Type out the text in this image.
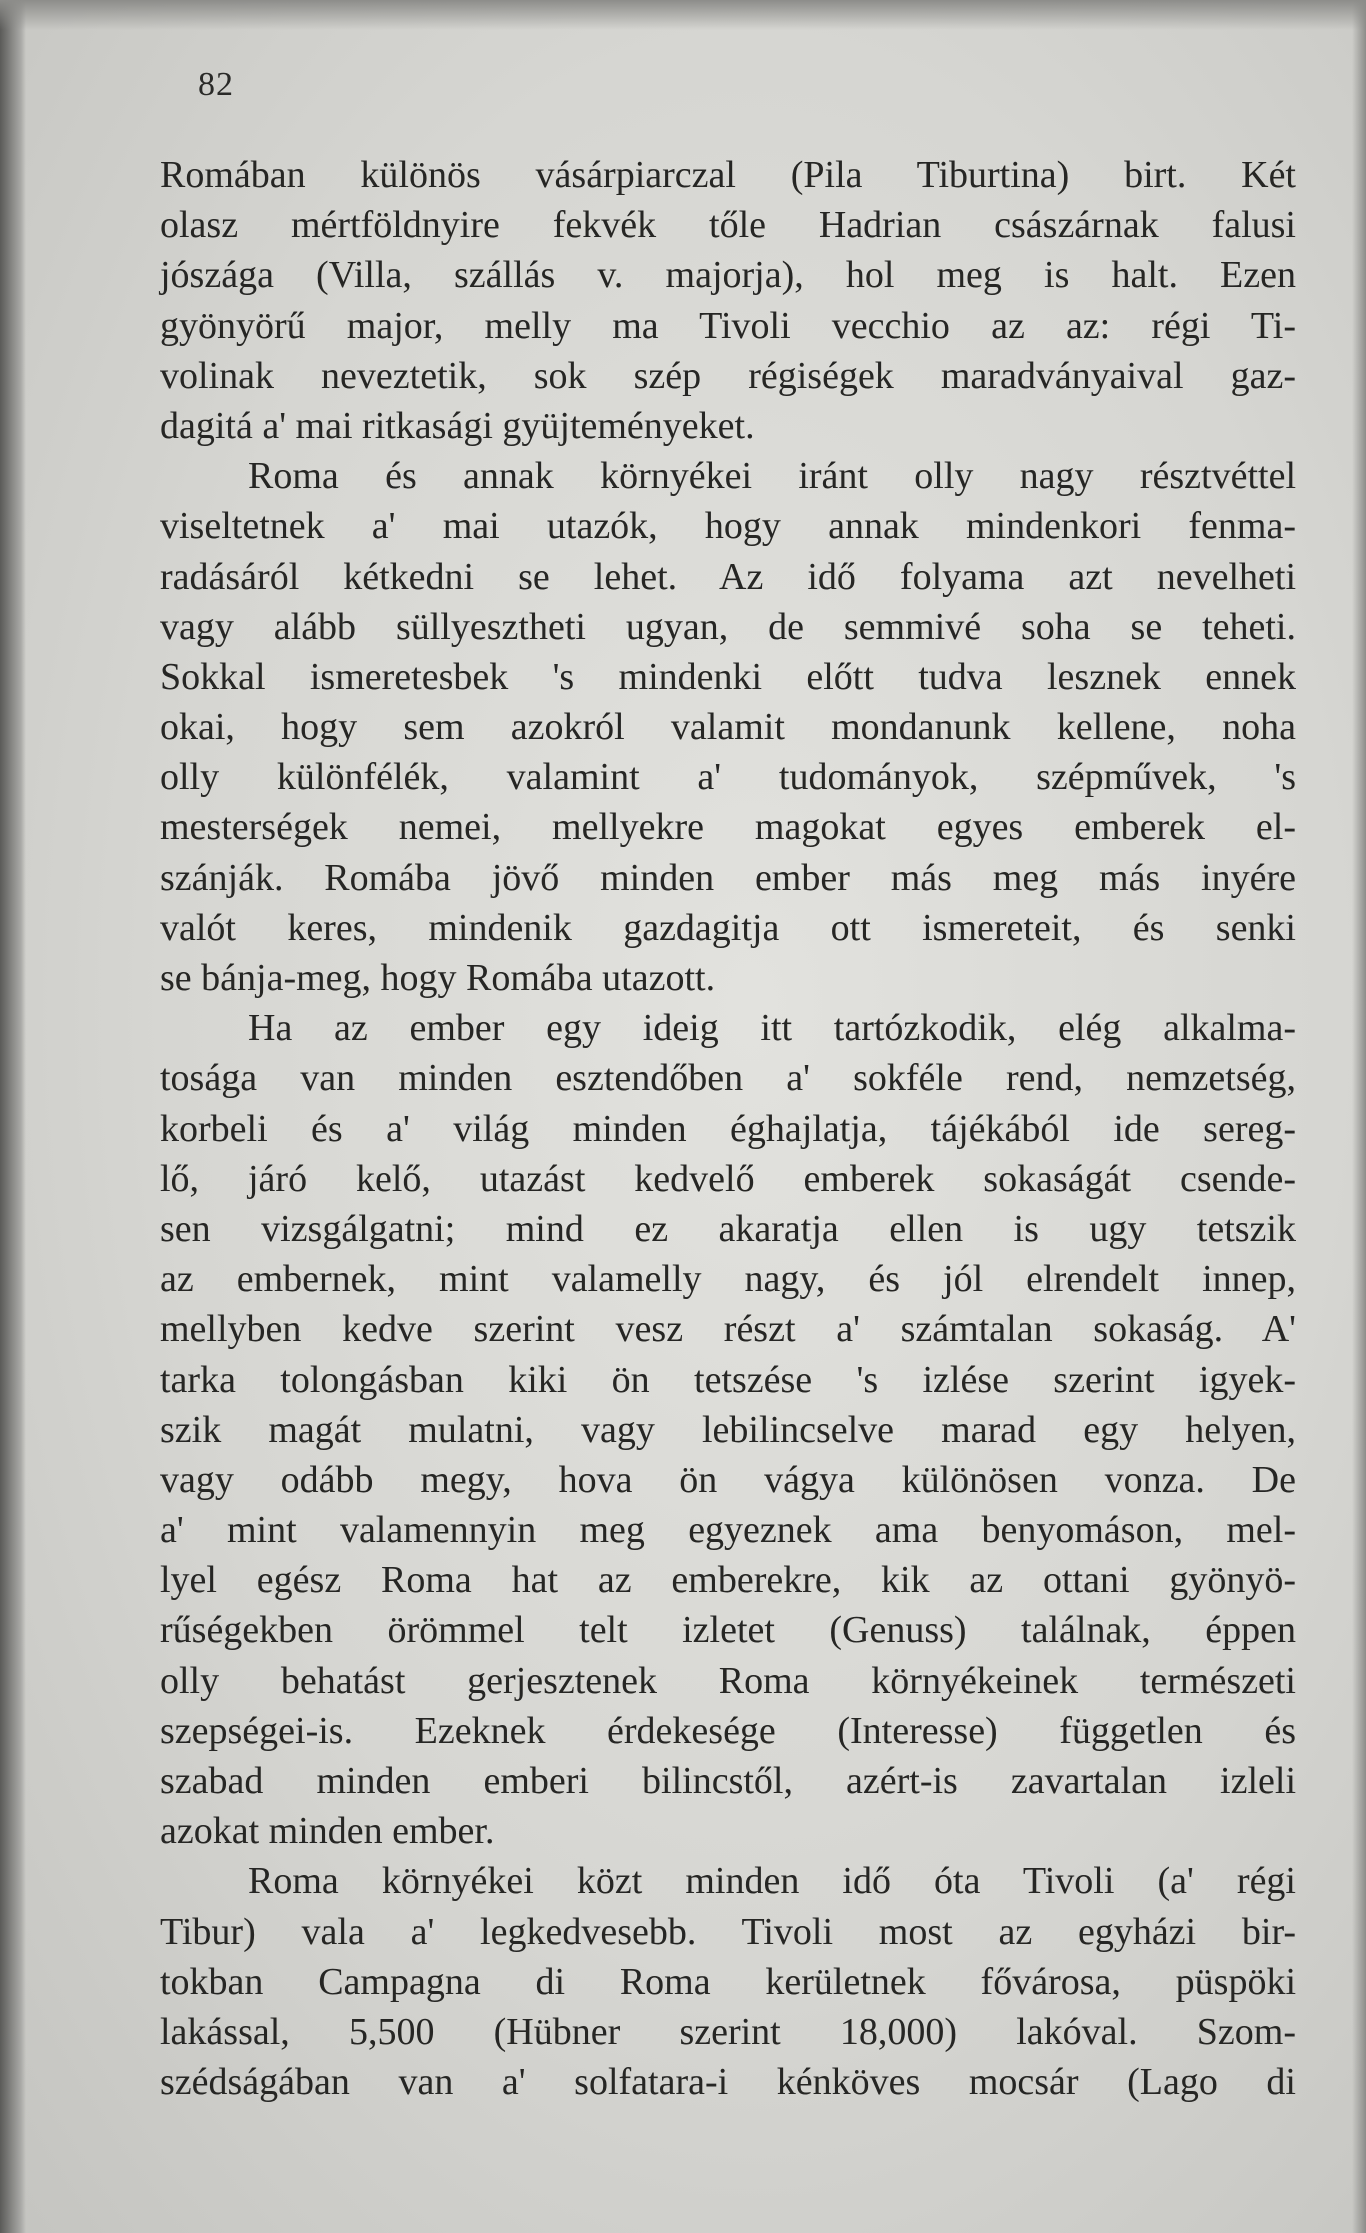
82
Romában különös vásárpiarczal (Pila Tiburtina) birt. Két
olasz mértföldnyire fekvék tőle Hadrian császárnak falusi
jószága (Villa, szállás v. majorja), hol meg is halt. Ezen
gyönyörű major, melly ma Tivoli vecchio az az: régi Ti-
volinak neveztetik, sok szép régiségek maradványaival gaz-
dagitá a' mai ritkasági gyüjteményeket.
Roma és annak környékei iránt olly nagy résztvéttel
viseltetnek a' mai utazók, hogy annak mindenkori fenma-
radásáról kétkedni se lehet. Az idő folyama azt nevelheti
vagy alább süllyesztheti ugyan, de semmivé soha se teheti.
Sokkal ismeretesbek 's mindenki előtt tudva lesznek ennek
okai, hogy sem azokról valamit mondanunk kellene, noha
olly különfélék, valamint a' tudományok, szépművek, 's
mesterségek nemei, mellyekre magokat egyes emberek el-
szánják. Romába jövő minden ember más meg más inyére
valót keres, mindenik gazdagitja ott ismereteit, és senki
se bánja-meg, hogy Romába utazott.
Ha az ember egy ideig itt tartózkodik, elég alkalma-
tosága van minden esztendőben a' sokféle rend, nemzetség,
korbeli és a' világ minden éghajlatja, tájékából ide sereg-
lő, járó kelő, utazást kedvelő emberek sokaságát csende-
sen vizsgálgatni; mind ez akaratja ellen is ugy tetszik
az embernek, mint valamelly nagy, és jól elrendelt innep,
mellyben kedve szerint vesz részt a' számtalan sokaság. A'
tarka tolongásban kiki ön tetszése 's izlése szerint igyek-
szik magát mulatni, vagy lebilincselve marad egy helyen,
vagy odább megy, hova ön vágya különösen vonza. De
a' mint valamennyin meg egyeznek ama benyomáson, mel-
lyel egész Roma hat az emberekre, kik az ottani gyönyö-
rűségekben örömmel telt izletet (Genuss) találnak, éppen
olly behatást gerjesztenek Roma környékeinek természeti
szepségei-is. Ezeknek érdekesége (Interesse) független és
szabad minden emberi bilincstől, azért-is zavartalan izleli
azokat minden ember.
Roma környékei közt minden idő óta Tivoli (a' régi
Tibur) vala a' legkedvesebb. Tivoli most az egyházi bir-
tokban Campagna di Roma kerületnek fővárosa, püspöki
lakással, 5,500 (Hübner szerint 18,000) lakóval. Szom-
szédságában van a' solfatara-i kénköves mocsár (Lago di
